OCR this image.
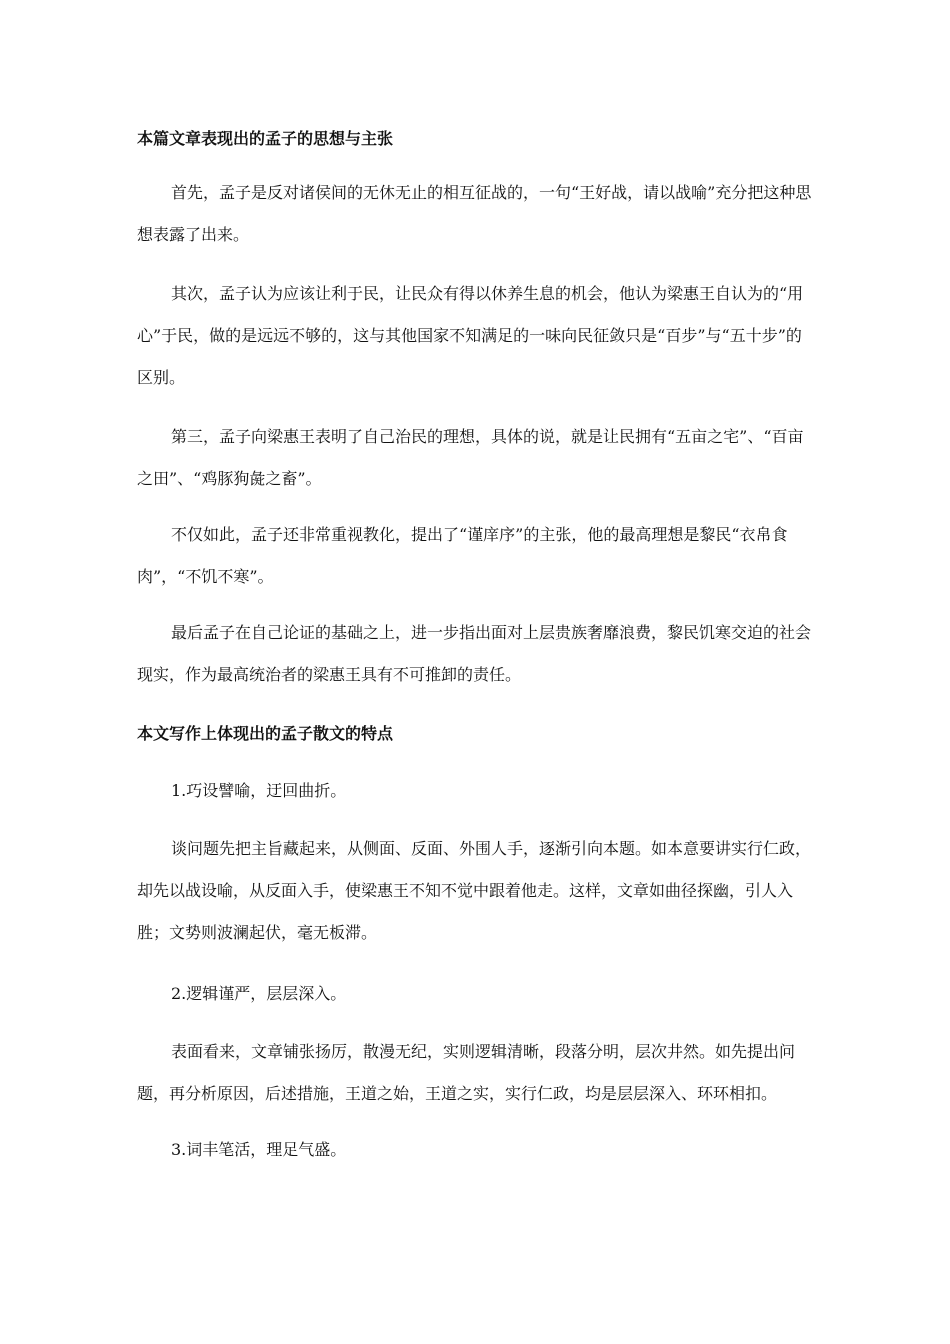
本篇文章表现出的孟子的思想与主张

首先，孟子是反对诸侯间的无休无止的相互征战的，一句“王好战，请以战喻”充分把这种思想表露了出来。

其次，孟子认为应该让利于民，让民众有得以休养生息的机会，他认为梁惠王自认为的“用心”于民，做的是远远不够的，这与其他国家不知满足的一味向民征敛只是“百步”与“五十步”的区别。

第三，孟子向梁惠王表明了自己治民的理想，具体的说，就是让民拥有“五亩之宅”、“百亩之田”、“鸡豚狗彘之畜”。

不仅如此，孟子还非常重视教化，提出了“谨庠序”的主张，他的最高理想是黎民“衣帛食肉”，“不饥不寒”。

最后孟子在自己论证的基础之上，进一步指出面对上层贵族奢靡浪费，黎民饥寒交迫的社会现实，作为最高统治者的梁惠王具有不可推卸的责任。

本文写作上体现出的孟子散文的特点

1.巧设譬喻，迂回曲折。

谈问题先把主旨藏起来，从侧面、反面、外围人手，逐渐引向本题。如本意要讲实行仁政，却先以战设喻，从反面入手，使梁惠王不知不觉中跟着他走。这样，文章如曲径探幽，引人入胜；文势则波澜起伏，毫无板滞。

2.逻辑谨严，层层深入。

表面看来，文章铺张扬厉，散漫无纪，实则逻辑清晰，段落分明，层次井然。如先提出问题，再分析原因，后述措施，王道之始，王道之实，实行仁政，均是层层深入、环环相扣。

3.词丰笔活，理足气盛。
